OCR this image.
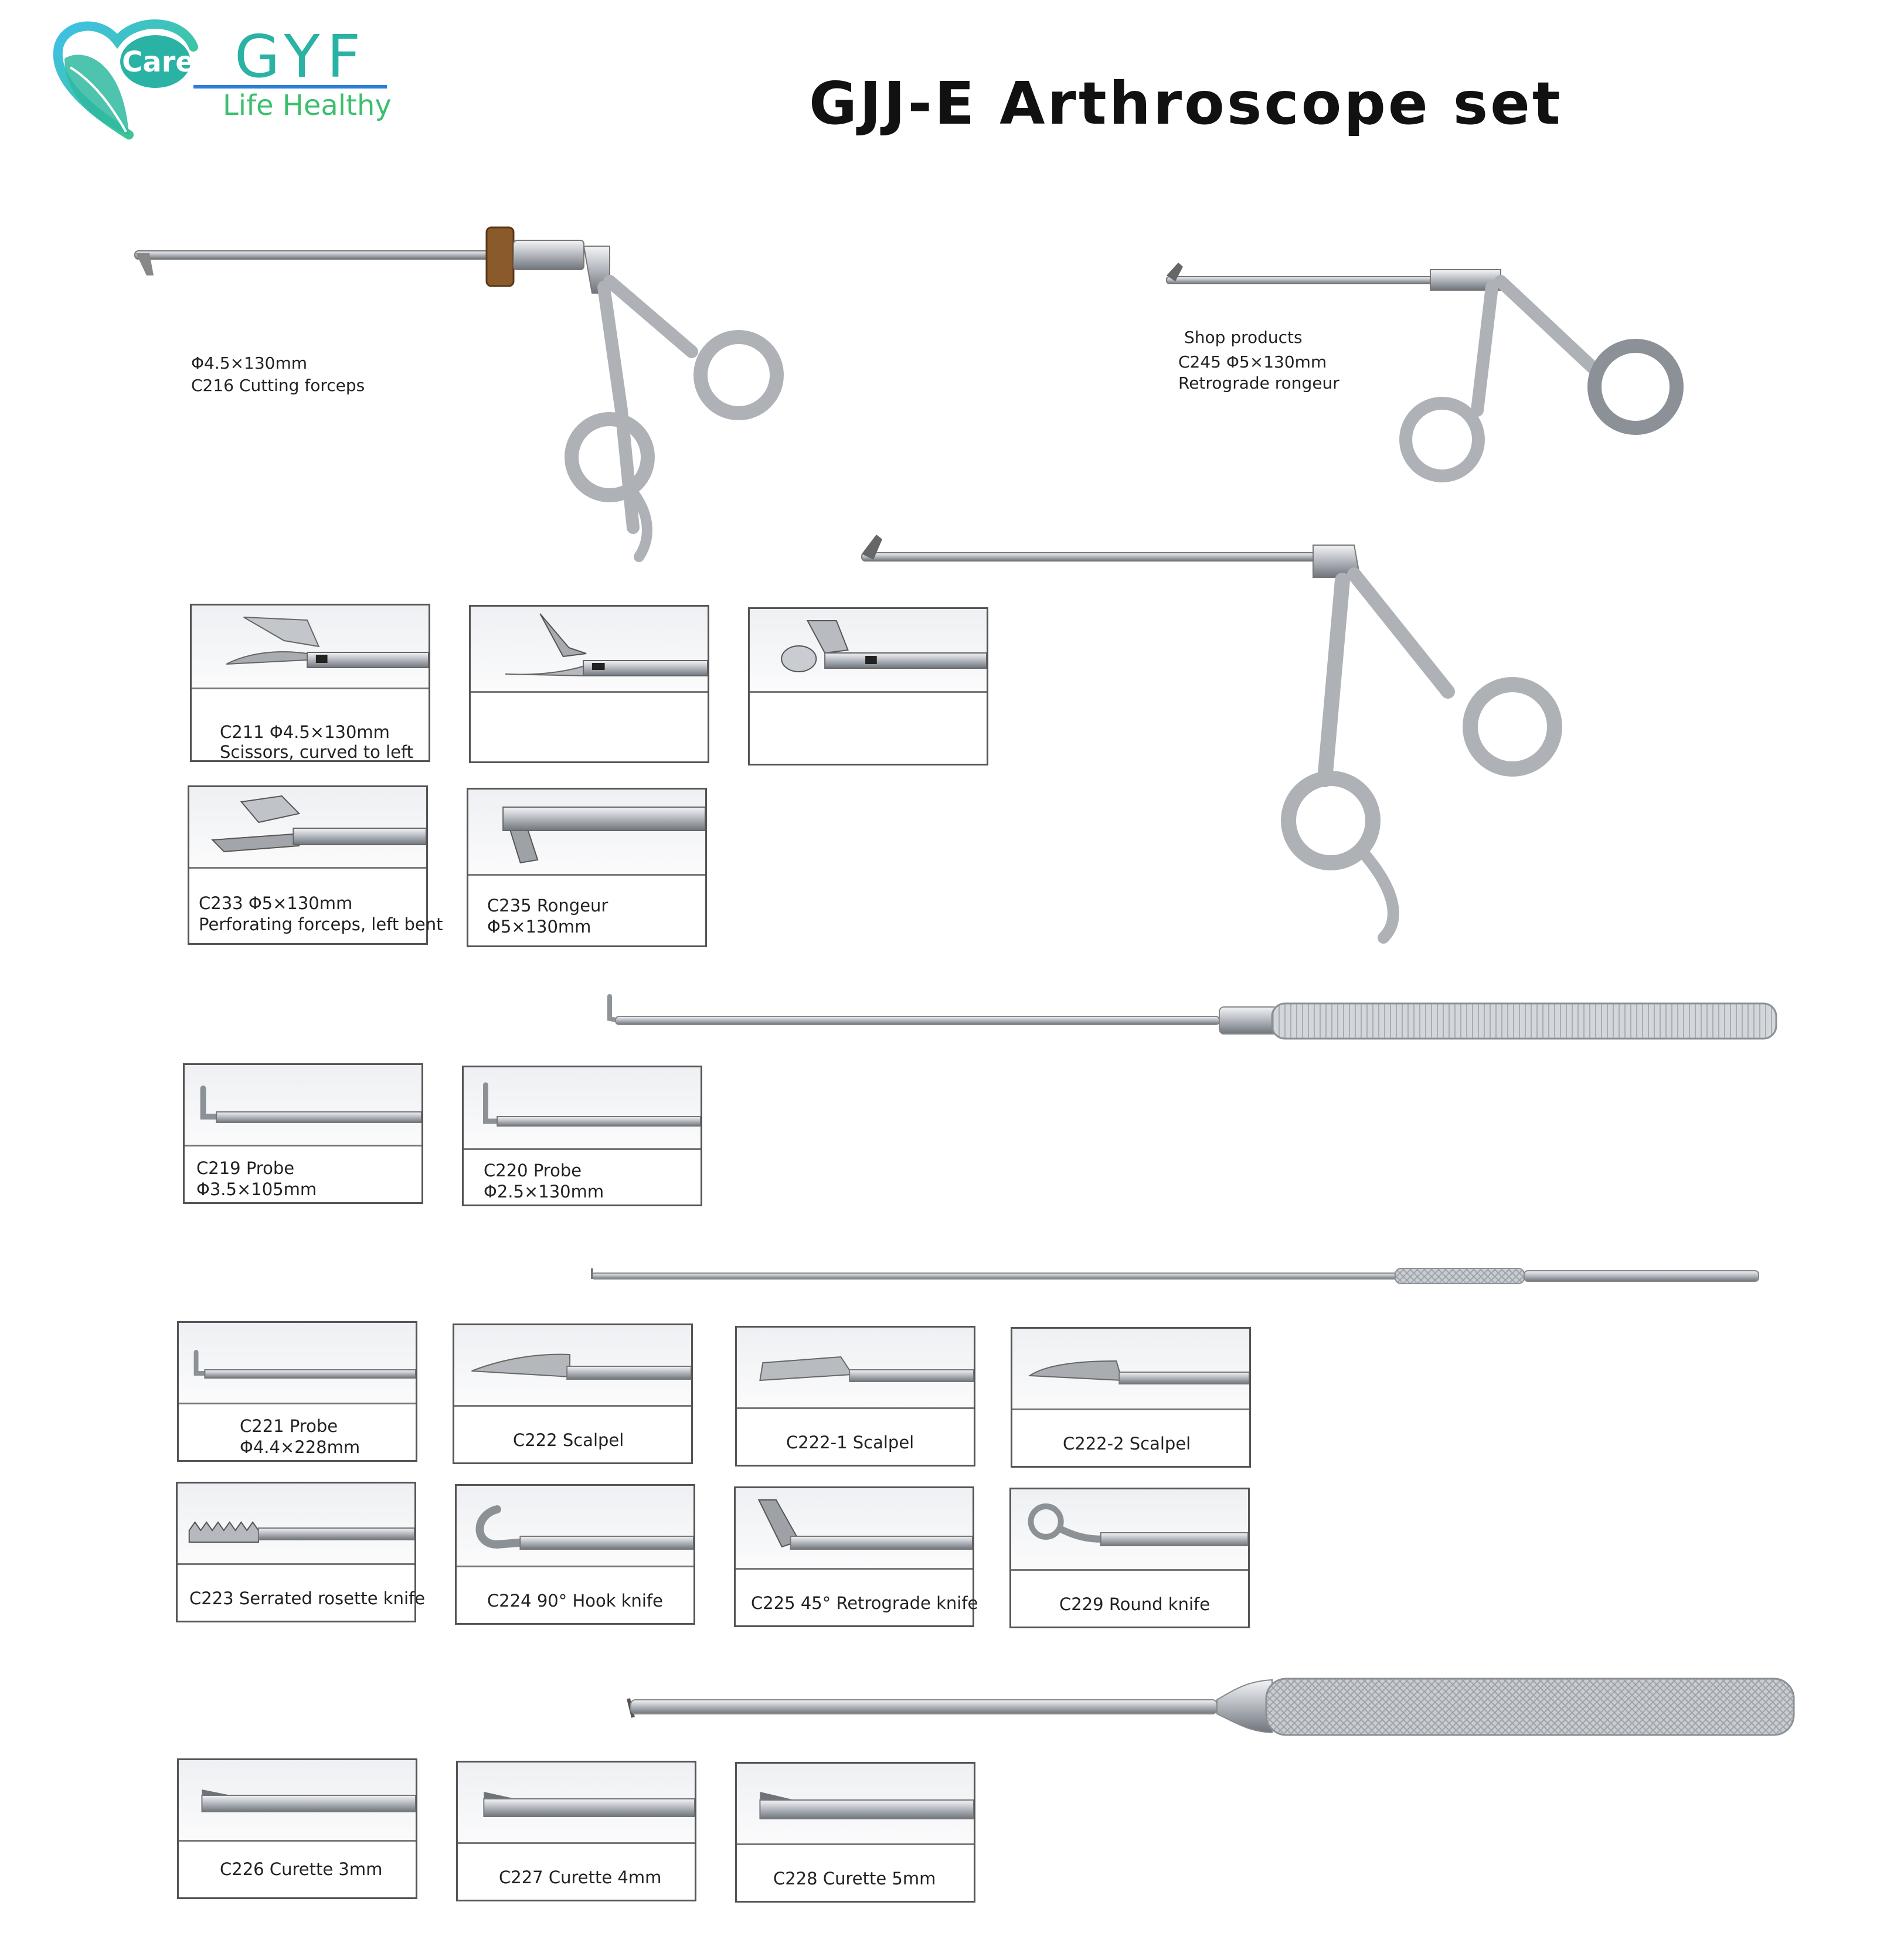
Care GYF
Life Healthy	GJJ-E Arthroscope set
Φ4.5×130mm
C216 Cutting forceps
Shop products
C245 Φ5×130mm
Retrograde rongeur
C211 Φ4.5×130mm
Scissors, curved to left
C233 Φ5×130mm
Perforating forceps, left bent
C235 Rongeur
Φ5×130mm
C219 Probe
Φ3.5×105mm
C220 Probe
Φ2.5×130mm
C221 Probe
Φ4.4×228mm	C222 Scalpel	C222-1 Scalpel	C222-2 Scalpel
C223 Serrated rosette knife	C224 90° Hook knife	C225 45° Retrograde knife	C229 Round knife
C226 Curette 3mm	C227 Curette 4mm	C228 Curette 5mm
